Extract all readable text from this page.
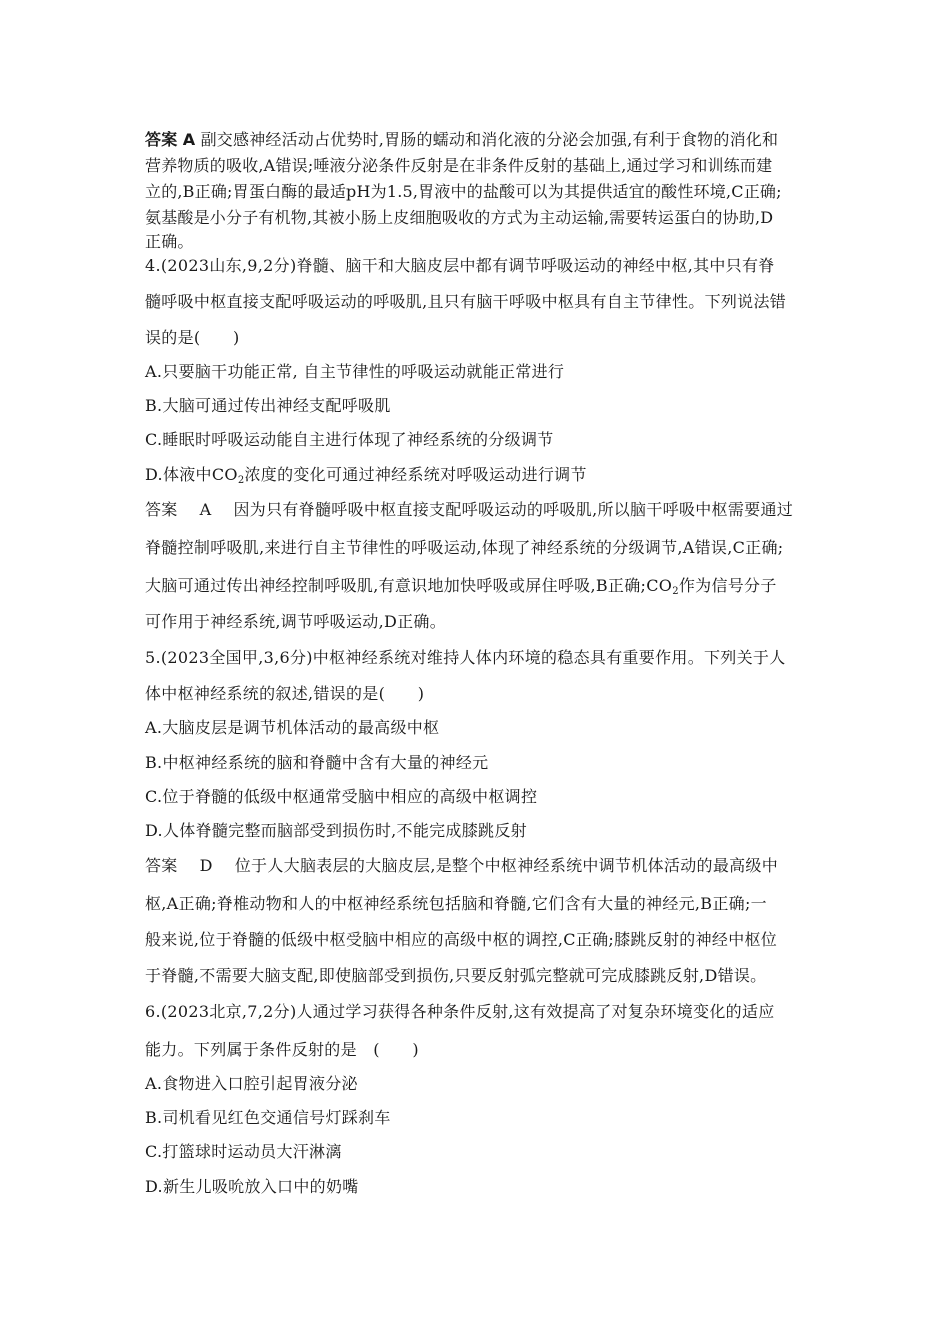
答案 A 副交感神经活动占优势时,胃肠的蠕动和消化液的分泌会加强,有利于食物的消化和
营养物质的吸收,A错误;唾液分泌条件反射是在非条件反射的基础上,通过学习和训练而建
立的,B正确;胃蛋白酶的最适pH为1.5,胃液中的盐酸可以为其提供适宜的酸性环境,C正确;
氨基酸是小分子有机物,其被小肠上皮细胞吸收的方式为主动运输,需要转运蛋白的协助,D
正确。
4.(2023山东,9,2分)脊髓、脑干和大脑皮层中都有调节呼吸运动的神经中枢,其中只有脊
髓呼吸中枢直接支配呼吸运动的呼吸肌,且只有脑干呼吸中枢具有自主节律性。下列说法错
误的是(　　)
A.只要脑干功能正常, 自主节律性的呼吸运动就能正常进行
B.大脑可通过传出神经支配呼吸肌
C.睡眠时呼吸运动能自主进行体现了神经系统的分级调节
D.体液中$CO_2$浓度的变化可通过神经系统对呼吸运动进行调节
答案 A 因为只有脊髓呼吸中枢直接支配呼吸运动的呼吸肌,所以脑干呼吸中枢需要通过
脊髓控制呼吸肌,来进行自主节律性的呼吸运动,体现了神经系统的分级调节,A错误,C正确;
大脑可通过传出神经控制呼吸肌,有意识地加快呼吸或屏住呼吸,B正确$;CO_2$作为信号分子
可作用于神经系统,调节呼吸运动,D正确。
5.(2023全国甲,3,6分)中枢神经系统对维持人体内环境的稳态具有重要作用。下列关于人
体中枢神经系统的叙述,错误的是(　　)
A.大脑皮层是调节机体活动的最高级中枢
B.中枢神经系统的脑和脊髓中含有大量的神经元
C.位于脊髓的低级中枢通常受脑中相应的高级中枢调控
D.人体脊髓完整而脑部受到损伤时,不能完成膝跳反射
答案 D 位于人大脑表层的大脑皮层,是整个中枢神经系统中调节机体活动的最高级中
枢,A正确;脊椎动物和人的中枢神经系统包括脑和脊髓,它们含有大量的神经元,B正确;一
般来说,位于脊髓的低级中枢受脑中相应的高级中枢的调控,C正确;膝跳反射的神经中枢位
于脊髓,不需要大脑支配,即使脑部受到损伤,只要反射弧完整就可完成膝跳反射,D错误。
6.(2023北京,7,2分)人通过学习获得各种条件反射,这有效提高了对复杂环境变化的适应
能力。下列属于条件反射的是　(　　)
A.食物进入口腔引起胃液分泌
B.司机看见红色交通信号灯踩刹车
C.打篮球时运动员大汗淋漓
D.新生儿吸吮放入口中的奶嘴
